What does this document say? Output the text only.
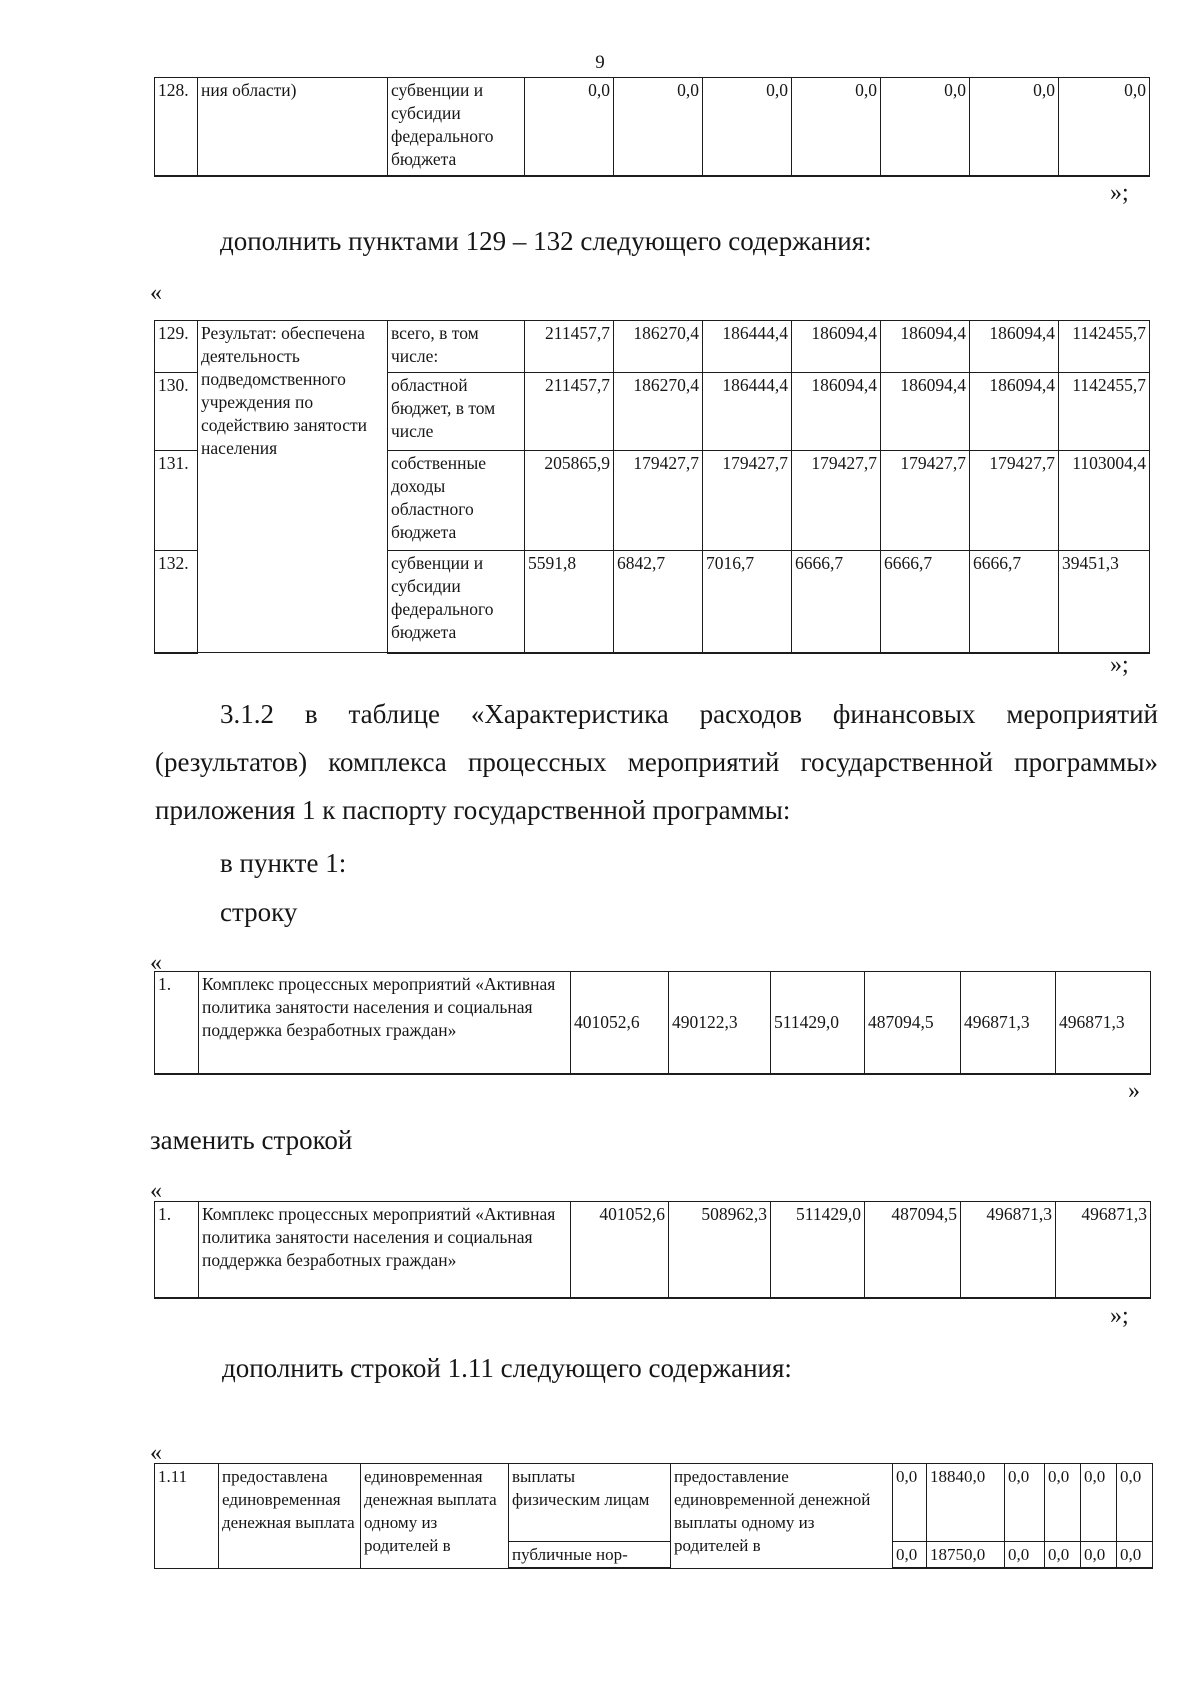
9
128.	ния области)	субвенции и субсидии федерального бюджета	0,0	0,0	0,0	0,0	0,0	0,0	0,0
»;
дополнить пунктами 129 – 132 следующего содержания:
«
129.	Результат: обеспечена деятельность подведомственного учреждения по содействию занятости населения	всего, в том числе:	211457,7	186270,4	186444,4	186094,4	186094,4	186094,4	1142455,7
130.		областной бюджет, в том числе	211457,7	186270,4	186444,4	186094,4	186094,4	186094,4	1142455,7
131.		собственные доходы областного бюджета	205865,9	179427,7	179427,7	179427,7	179427,7	179427,7	1103004,4
132.		субвенции и субсидии федерального бюджета	5591,8	6842,7	7016,7	6666,7	6666,7	6666,7	39451,3
»;
3.1.2 в таблице «Характеристика расходов финансовых мероприятий (результатов) комплекса процессных мероприятий государственной программы» приложения 1 к паспорту государственной программы:
в пункте 1:
строку
«
1.	Комплекс процессных мероприятий «Активная политика занятости населения и социальная поддержка безработных граждан»	401052,6	490122,3	511429,0	487094,5	496871,3	496871,3
»
заменить строкой
«
1.	Комплекс процессных мероприятий «Активная политика занятости населения и социальная поддержка безработных граждан»	401052,6	508962,3	511429,0	487094,5	496871,3	496871,3
»;
дополнить строкой 1.11 следующего содержания:
«
1.11	предоставлена единовременная денежная выплата	единовременная денежная выплата одному из родителей в	выплаты физическим лицам	предоставление единовременной денежной выплаты одному из родителей в	0,0	18840,0	0,0	0,0	0,0	0,0
			публичные нор-		0,0	18750,0	0,0	0,0	0,0	0,0
